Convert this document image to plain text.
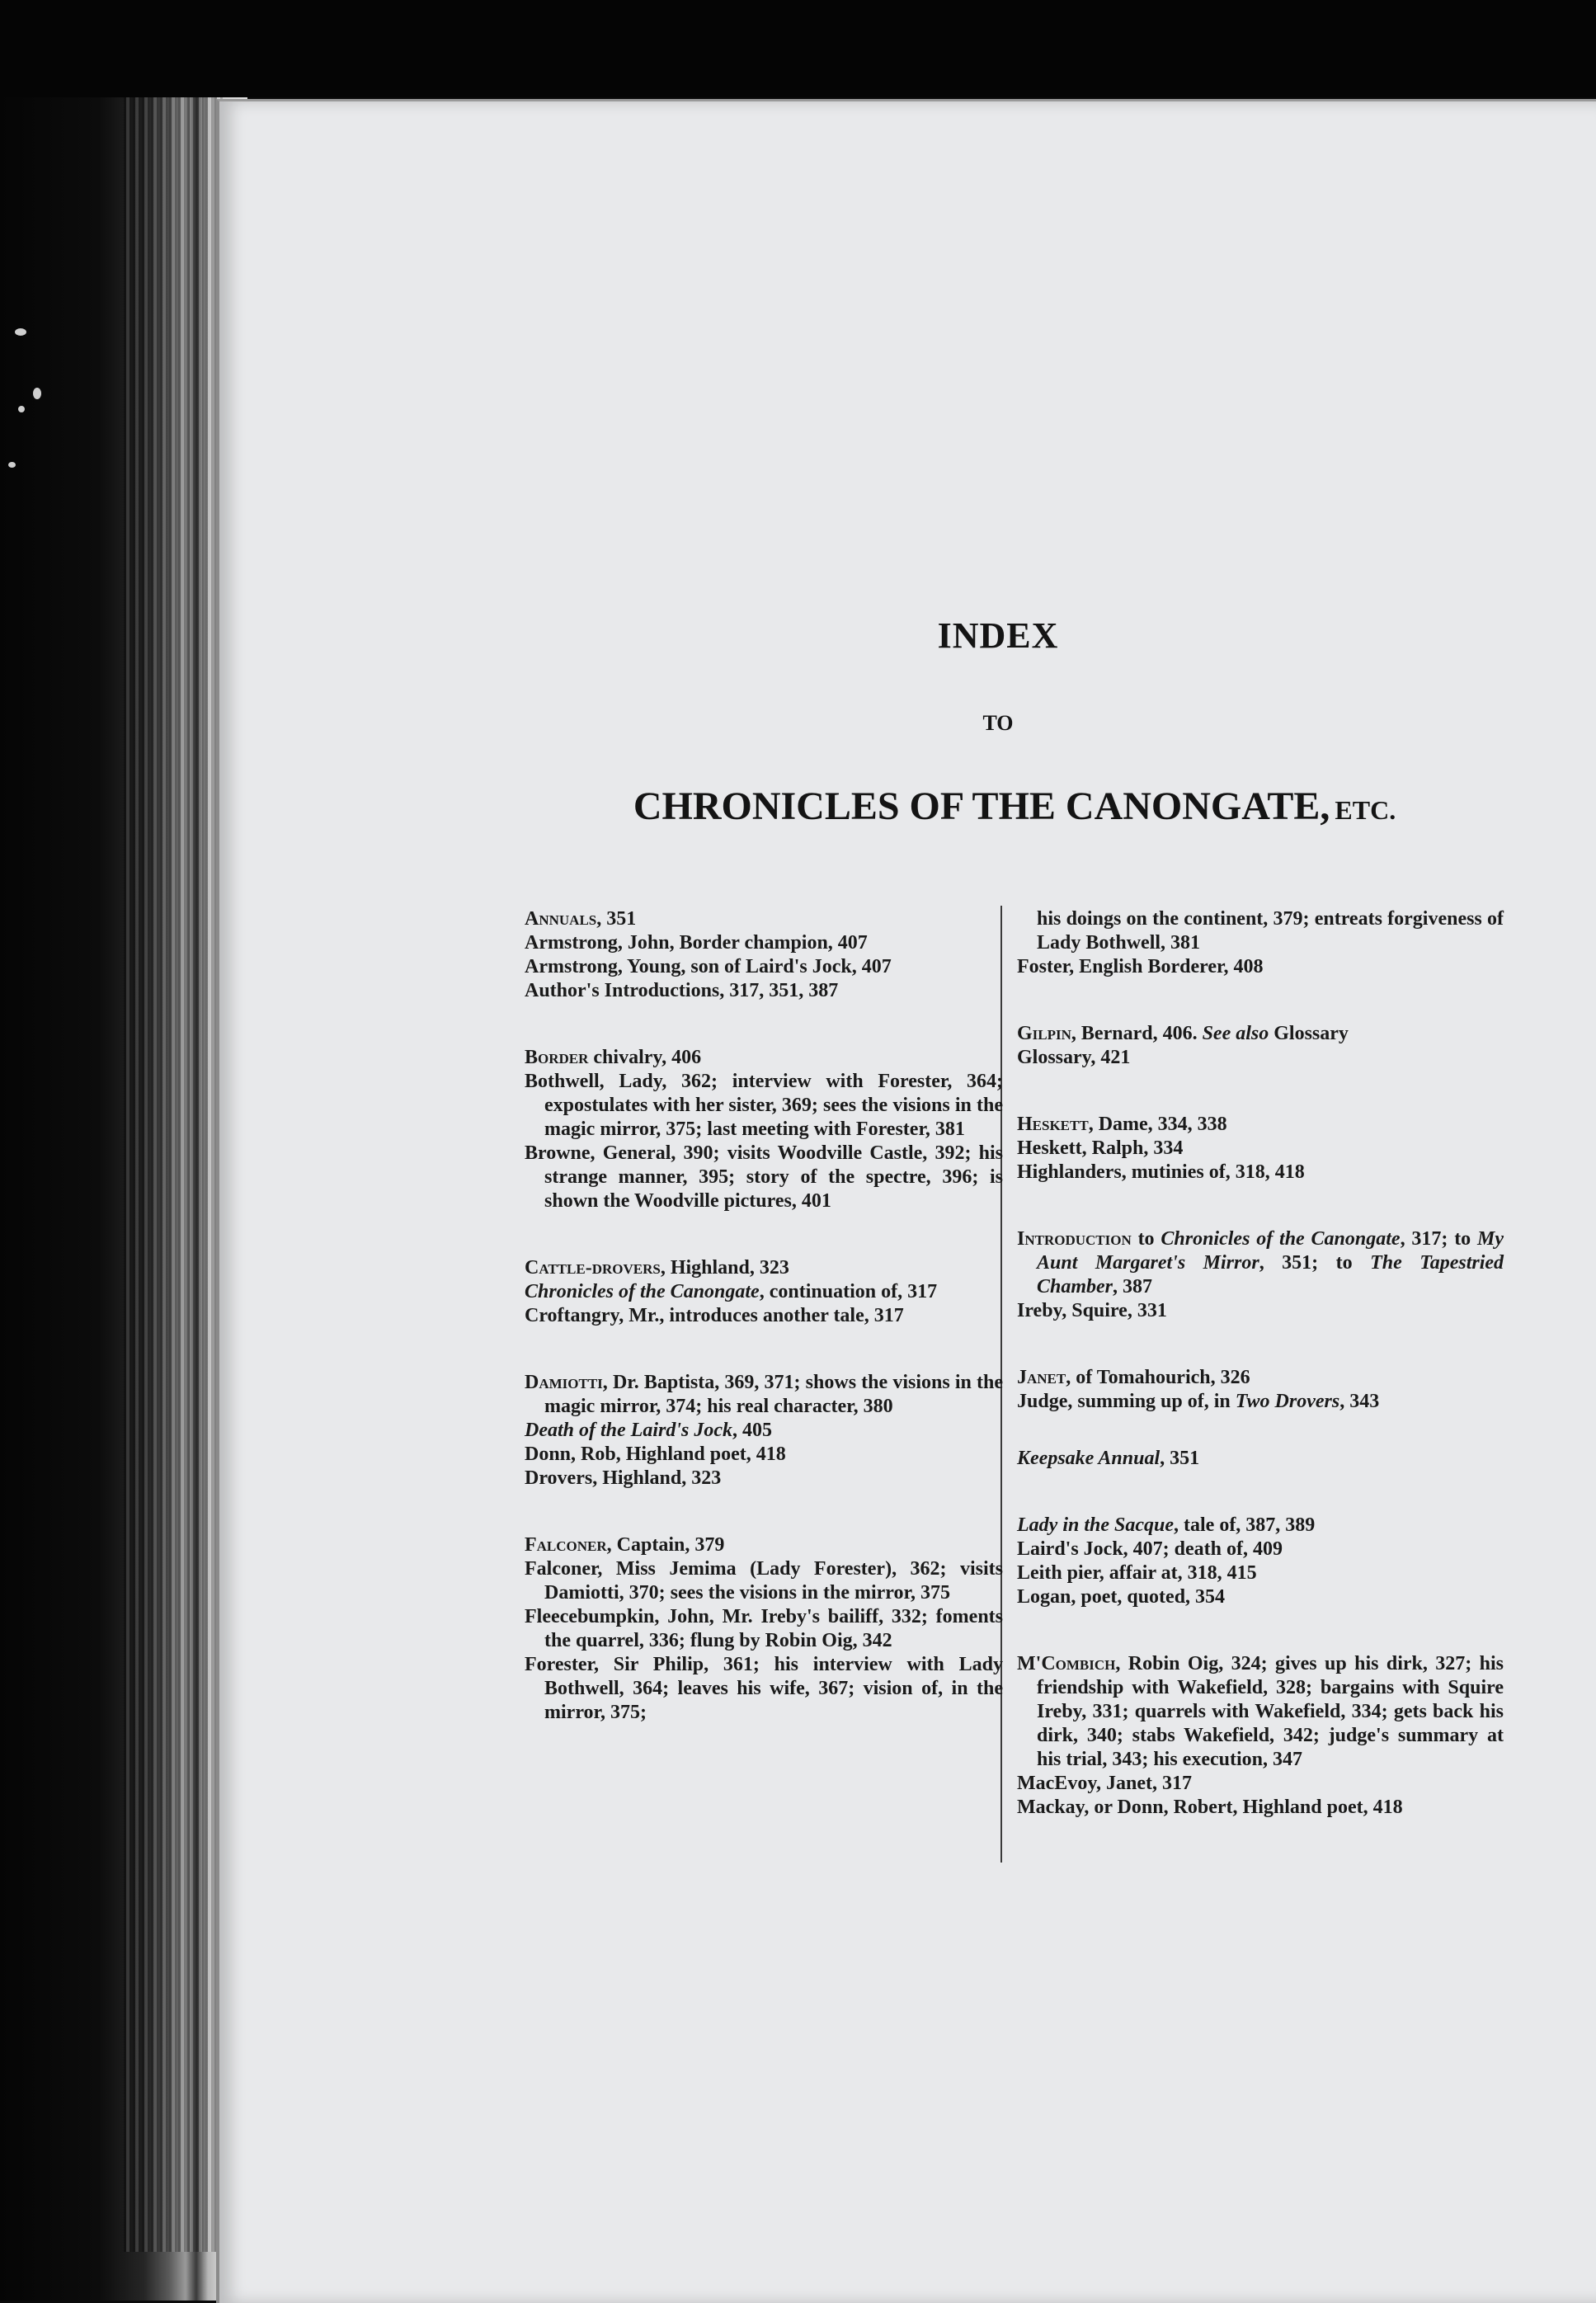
INDEX
TO
CHRONICLES OF THE CANONGATE, ETC.
Annuals, 351
Armstrong, John, Border champion, 407
Armstrong, Young, son of Laird's Jock, 407
Author's Introductions, 317, 351, 387
Border chivalry, 406
Bothwell, Lady, 362; interview with Forester, 364; expostulates with her sister, 369; sees the visions in the magic mirror, 375; last meeting with Forester, 381
Browne, General, 390; visits Woodville Castle, 392; his strange manner, 395; story of the spectre, 396; is shown the Woodville pictures, 401
Cattle-drovers, Highland, 323
Chronicles of the Canongate, continuation of, 317
Croftangry, Mr., introduces another tale, 317
Damiotti, Dr. Baptista, 369, 371; shows the visions in the magic mirror, 374; his real character, 380
Death of the Laird's Jock, 405
Donn, Rob, Highland poet, 418
Drovers, Highland, 323
Falconer, Captain, 379
Falconer, Miss Jemima (Lady Forester), 362; visits Damiotti, 370; sees the visions in the mirror, 375
Fleecebumpkin, John, Mr. Ireby's bailiff, 332; foments the quarrel, 336; flung by Robin Oig, 342
Forester, Sir Philip, 361; his interview with Lady Bothwell, 364; leaves his wife, 367; vision of, in the mirror, 375;
his doings on the continent, 379; entreats forgiveness of Lady Bothwell, 381
Foster, English Borderer, 408
Gilpin, Bernard, 406. See also Glossary
Glossary, 421
Heskett, Dame, 334, 338
Heskett, Ralph, 334
Highlanders, mutinies of, 318, 418
Introduction to Chronicles of the Canongate, 317; to My Aunt Margaret's Mirror, 351; to The Tapestried Chamber, 387
Ireby, Squire, 331
Janet, of Tomahourich, 326
Judge, summing up of, in Two Drovers, 343
Keepsake Annual, 351
Lady in the Sacque, tale of, 387, 389
Laird's Jock, 407; death of, 409
Leith pier, affair at, 318, 415
Logan, poet, quoted, 354
M'Combich, Robin Oig, 324; gives up his dirk, 327; his friendship with Wakefield, 328; bargains with Squire Ireby, 331; quarrels with Wakefield, 334; gets back his dirk, 340; stabs Wakefield, 342; judge's summary at his trial, 343; his execution, 347
MacEvoy, Janet, 317
Mackay, or Donn, Robert, Highland poet, 418
